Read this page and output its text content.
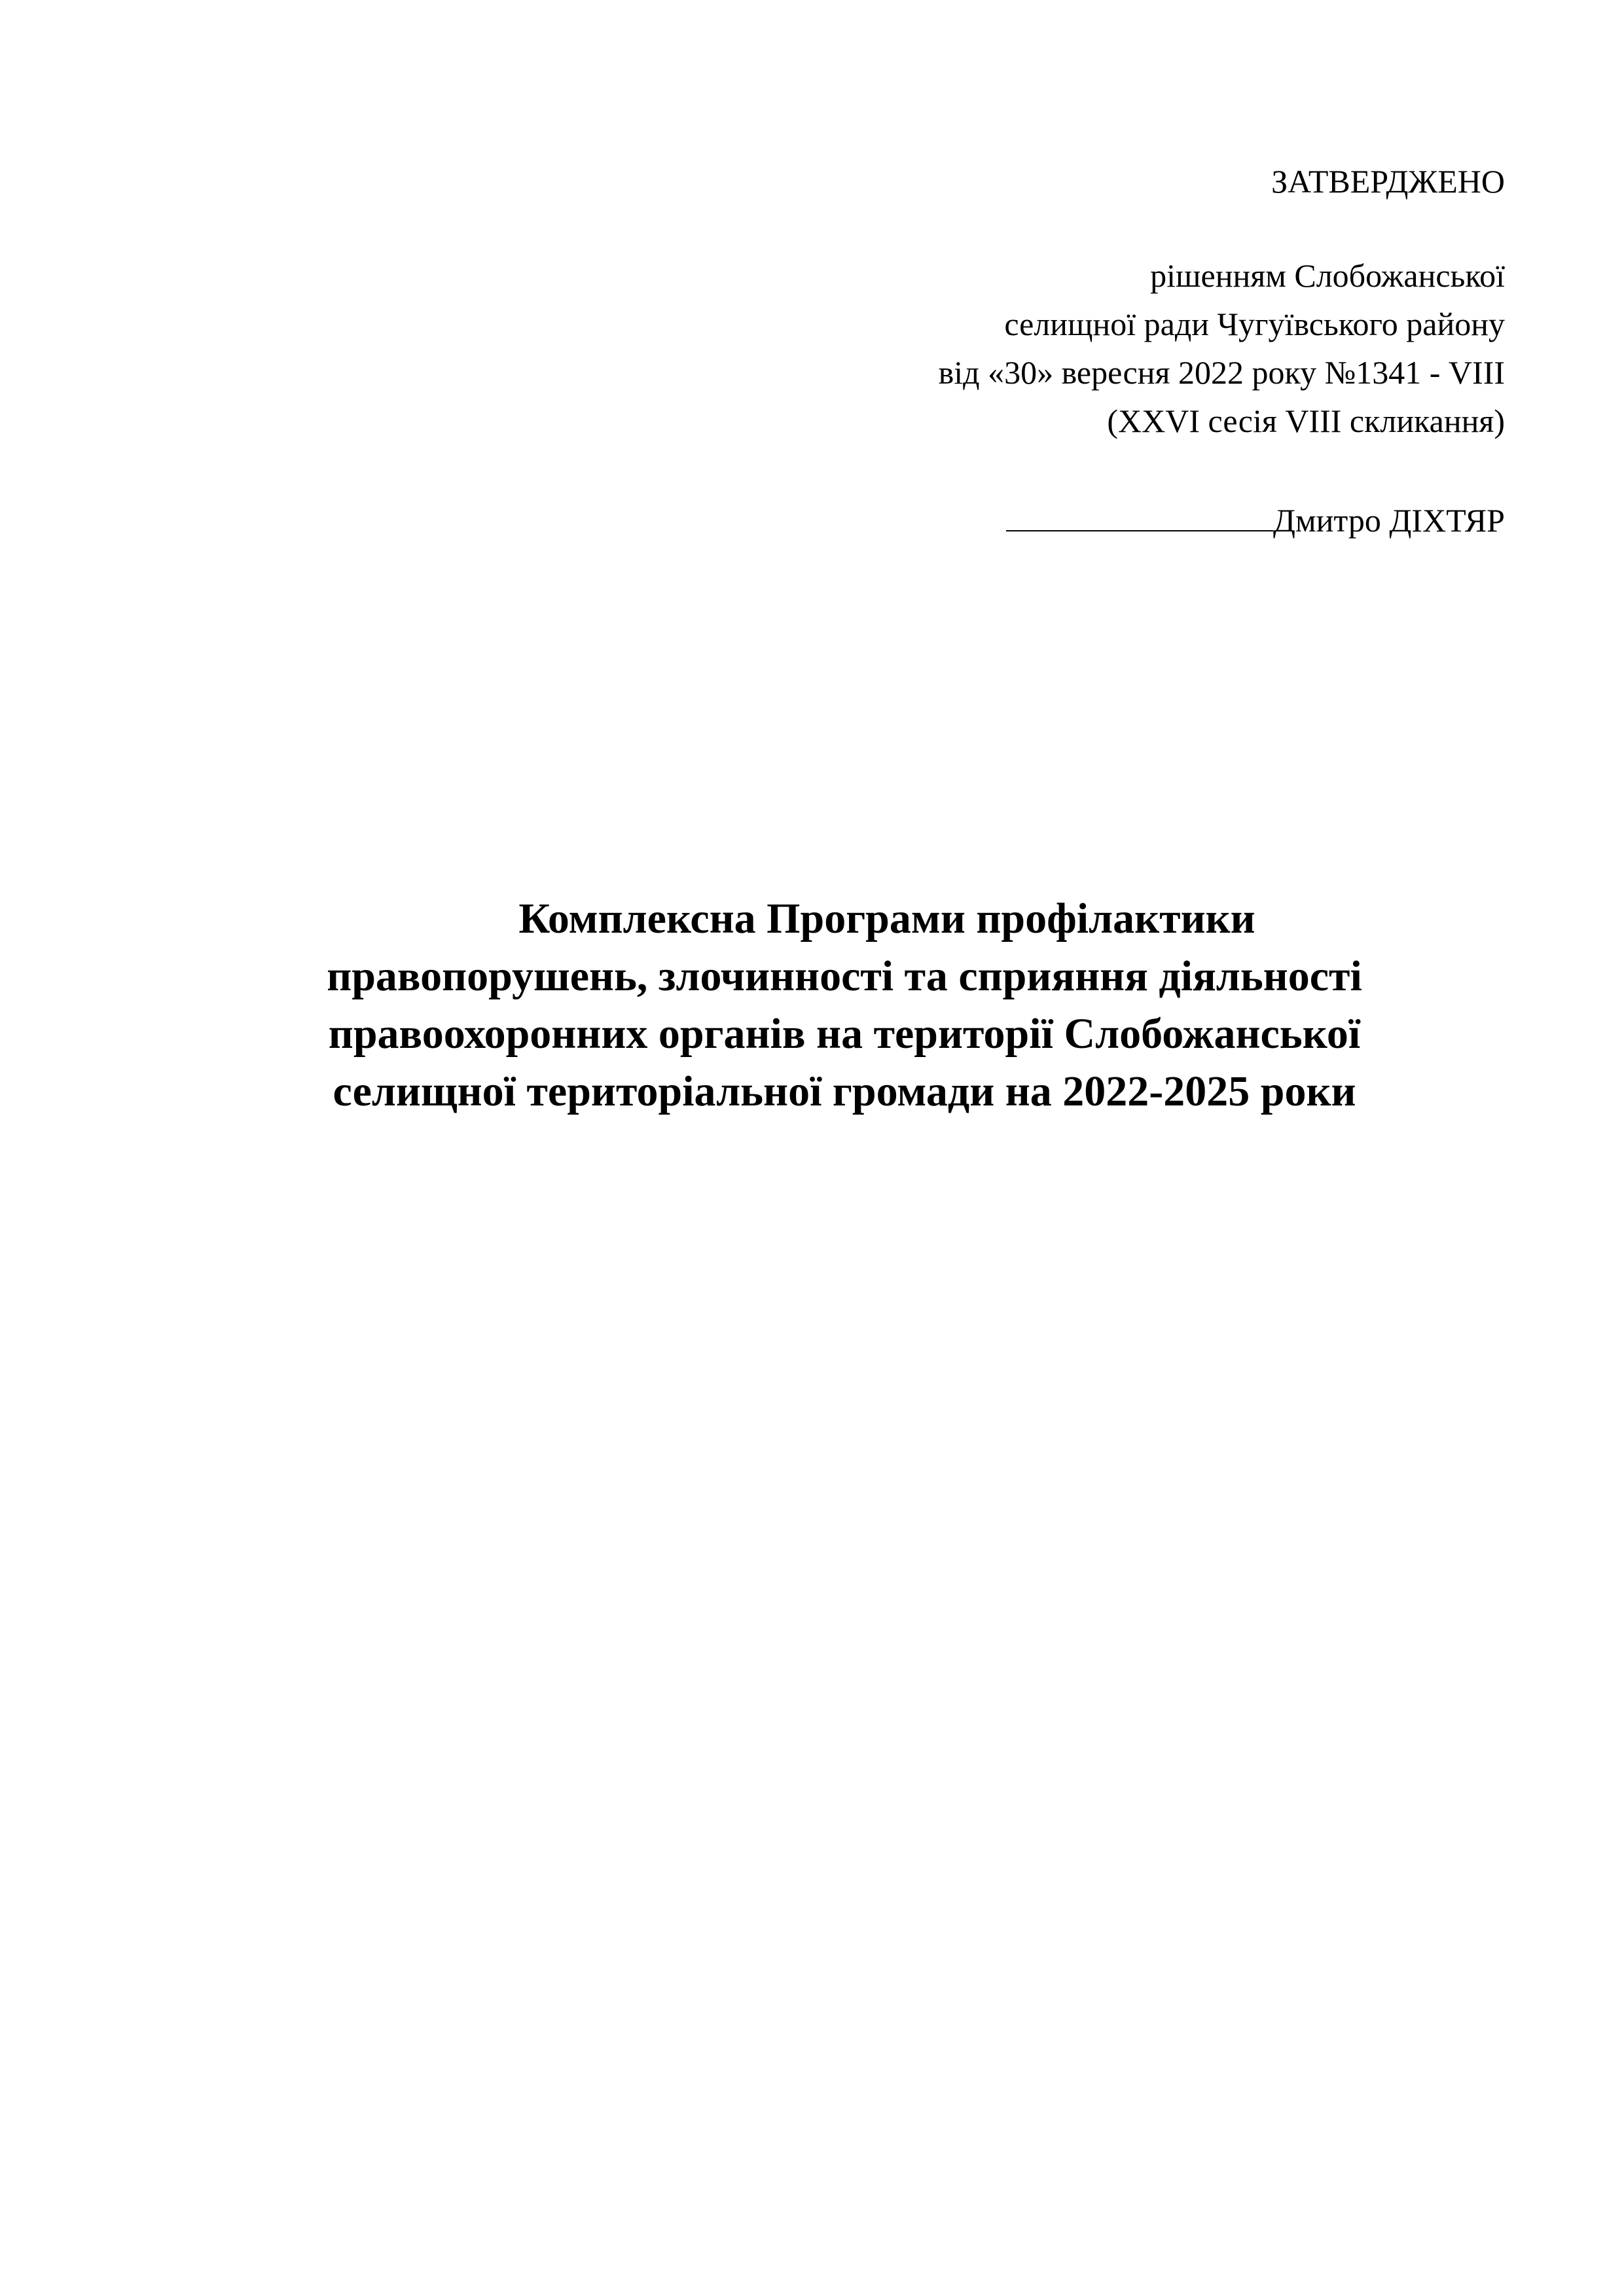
ЗАТВЕРДЖЕНО
рішенням Слобожанської
селищної ради Чугуївського району
від «30» вересня 2022 року №1341 - VIII
(XXVI сесія VIII скликання)
Дмитро ДІХТЯР
Комплексна Програми профілактики
правопорушень, злочинності та сприяння діяльності
правоохоронних органів на території Слобожанської
селищної територіальної громади на 2022-2025 роки
